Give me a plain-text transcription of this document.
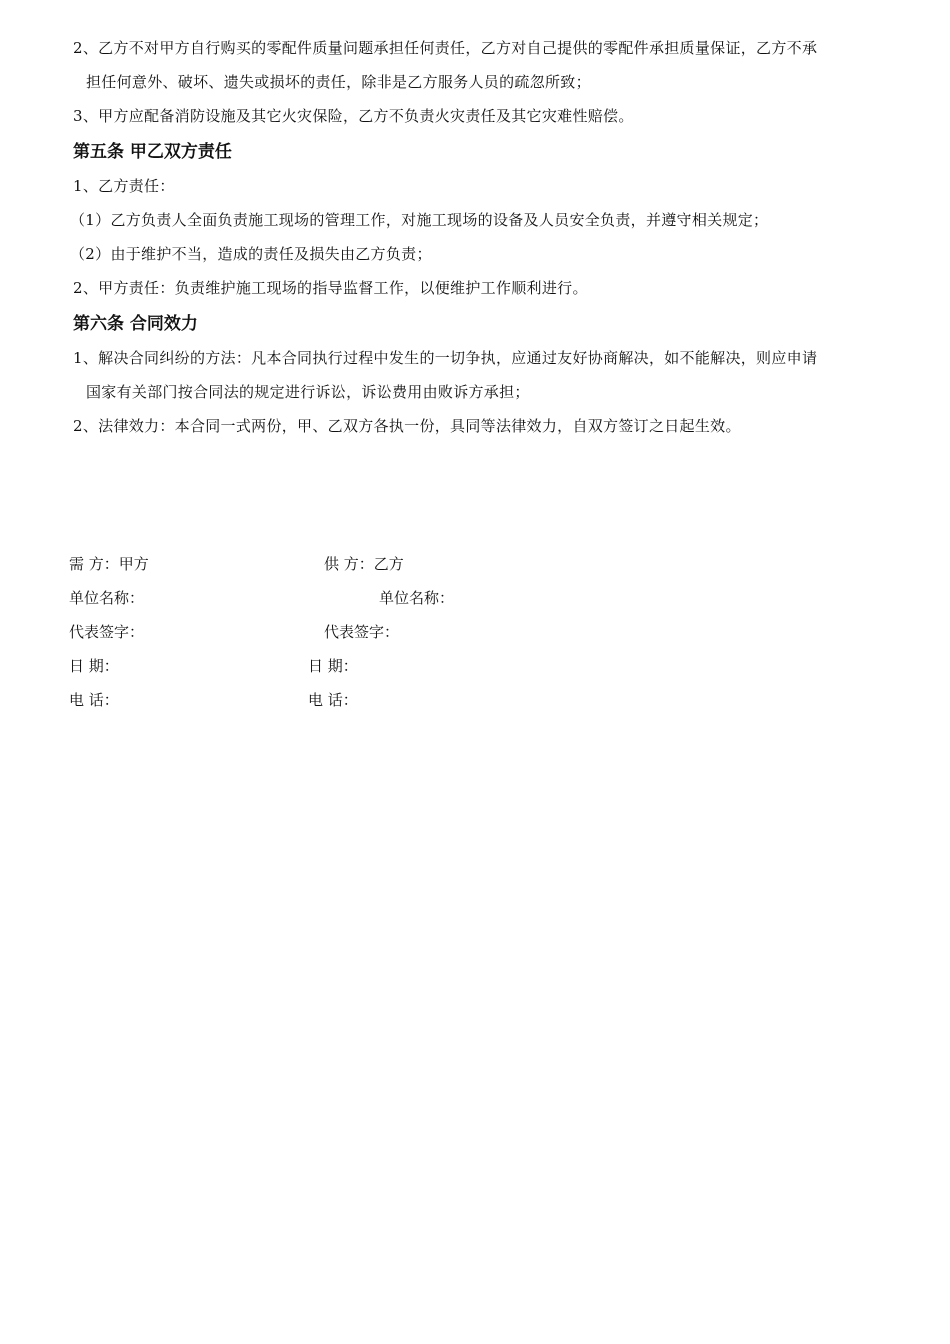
2、乙方不对甲方自行购买的零配件质量问题承担任何责任，乙方对自己提供的零配件承担质量保证，乙方不承
担任何意外、破坏、遗失或损坏的责任，除非是乙方服务人员的疏忽所致；
3、甲方应配备消防设施及其它火灾保险，乙方不负责火灾责任及其它灾难性赔偿。
第五条 甲乙双方责任
1、乙方责任：
（1）乙方负责人全面负责施工现场的管理工作，对施工现场的设备及人员安全负责，并遵守相关规定；
（2）由于维护不当，造成的责任及损失由乙方负责；
2、甲方责任：负责维护施工现场的指导监督工作，以便维护工作顺利进行。
第六条 合同效力
1、解决合同纠纷的方法：凡本合同执行过程中发生的一切争执，应通过友好协商解决，如不能解决，则应申请
国家有关部门按合同法的规定进行诉讼，诉讼费用由败诉方承担；
2、法律效力：本合同一式两份，甲、乙双方各执一份，具同等法律效力，自双方签订之日起生效。
需 方：甲方
单位名称：
代表签字：
日 期：
电 话：
供 方：乙方
单位名称：
代表签字：
日 期：
电 话：
